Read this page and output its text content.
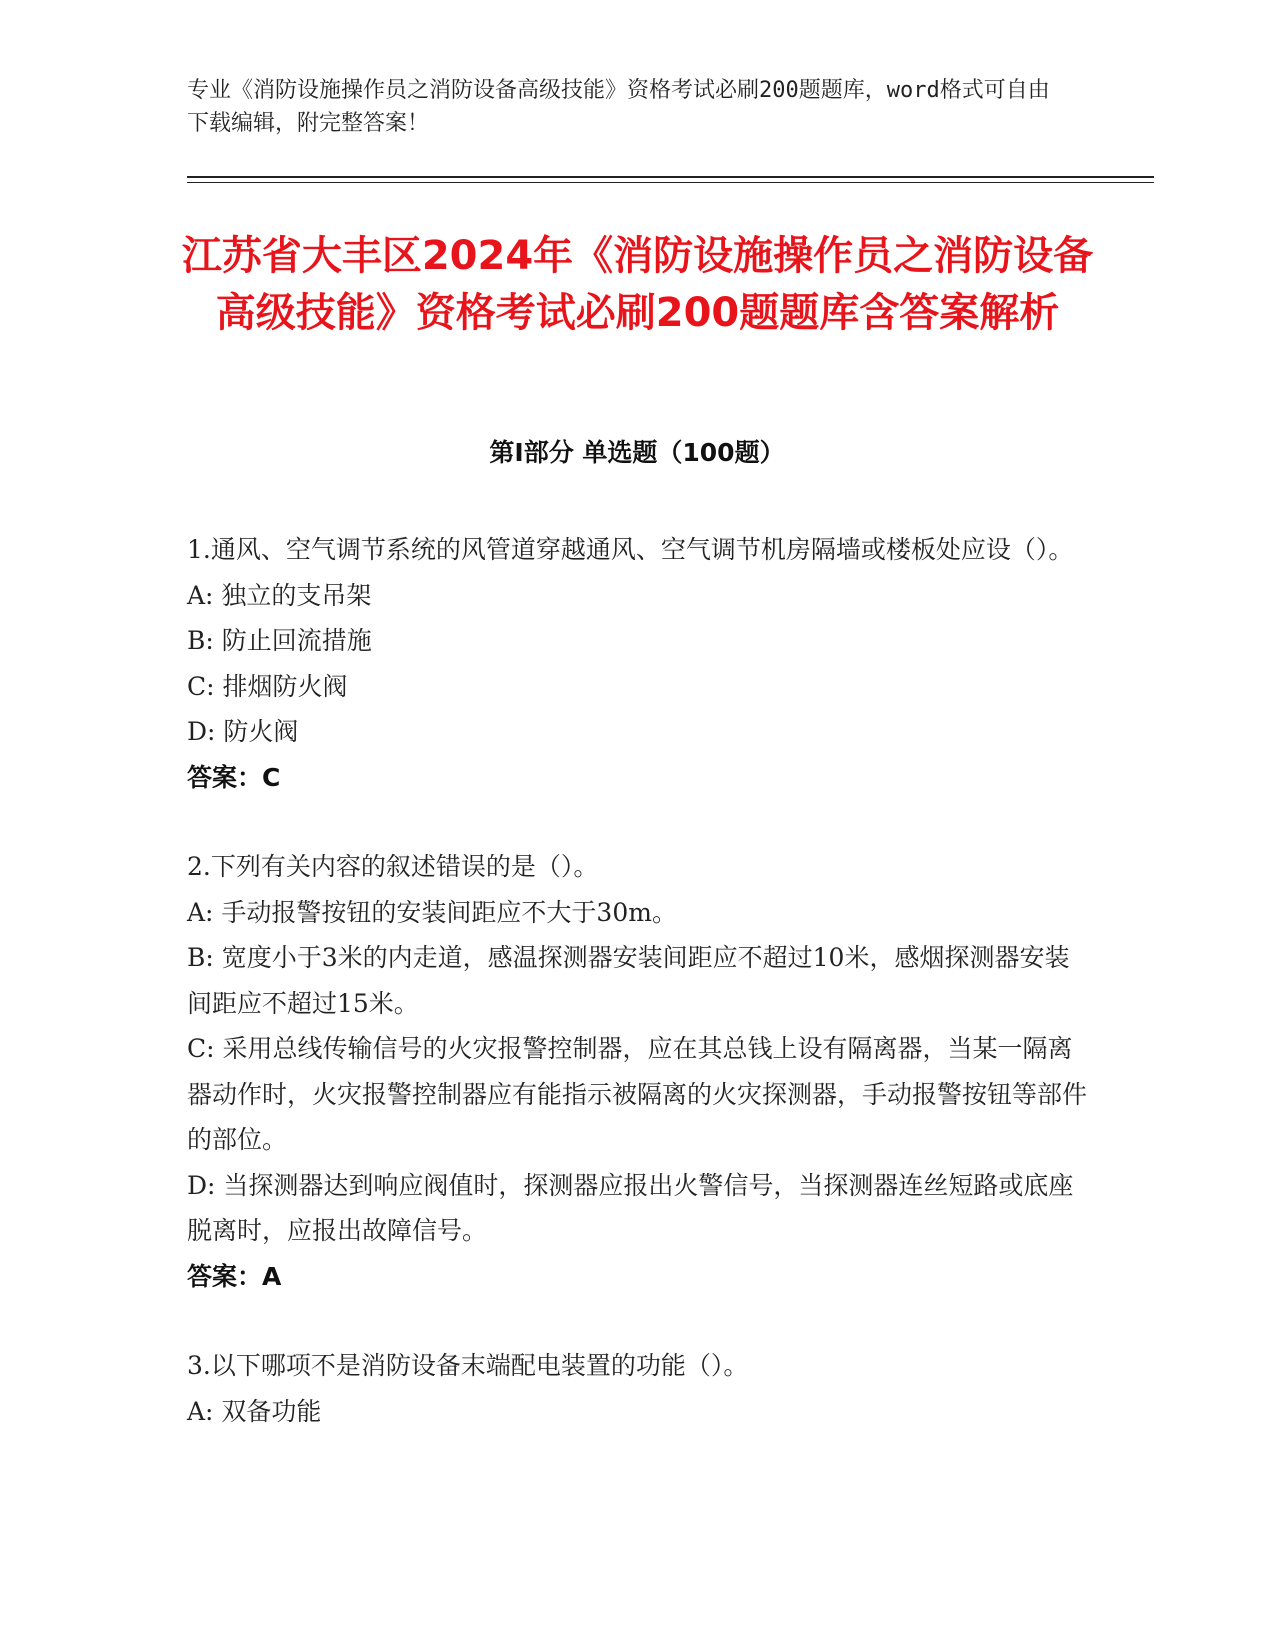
专业《消防设施操作员之消防设备高级技能》资格考试必刷200题题库，word格式可自由下载编辑，附完整答案！
江苏省大丰区2024年《消防设施操作员之消防设备高级技能》资格考试必刷200题题库含答案解析
第I部分 单选题（100题）

1.通风、空气调节系统的风管道穿越通风、空气调节机房隔墙或楼板处应设（）。

A: 独立的支吊架

B: 防止回流措施

C: 排烟防火阀

D: 防火阀

答案：C

2.下列有关内容的叙述错误的是（）。

A: 手动报警按钮的安装间距应不大于30m。

B: 宽度小于3米的内走道，感温探测器安装间距应不超过10米，感烟探测器安装间距应不超过15米。

C: 采用总线传输信号的火灾报警控制器，应在其总钱上设有隔离器，当某一隔离器动作时，火灾报警控制器应有能指示被隔离的火灾探测器，手动报警按钮等部件的部位。

D: 当探测器达到响应阀值时，探测器应报出火警信号，当探测器连丝短路或底座脱离时，应报出故障信号。

答案：A

3.以下哪项不是消防设备末端配电装置的功能（）。

A: 双备功能
